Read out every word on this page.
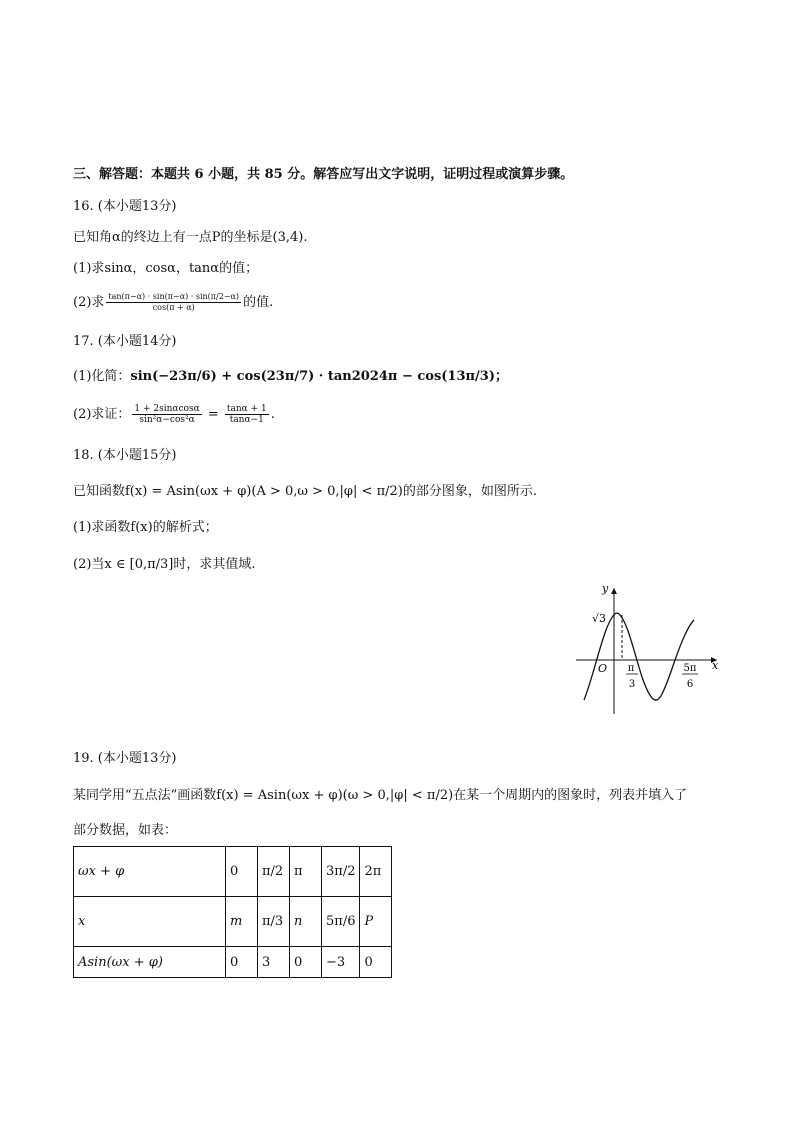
三、解答题：本题共 6 小题，共 85 分。解答应写出文字说明，证明过程或演算步骤。
16. (本小题13分)
已知角α的终边上有一点P的坐标是(3,4).
(1)求sinα，cosα，tanα的值；
(2)求 $\frac{\tan(\pi-\alpha) \cdot \sin(\pi-\alpha) \cdot \sin(\pi/2-\alpha)}{\cos(\pi + \alpha)}$ 的值.
17. (本小题14分)
(1)化简：sin(−23π/6) + cos(23π/7) · tan2024π − cos(13π/3)；
(2)求证： $\frac{1 + 2\sin\alpha\cos\alpha}{\text{sin²α−cos²α}} = \frac{\tan\alpha + 1}{\tan\alpha-1}$ .
18. (本小题15分)
已知函数f(x) = Asin(ωx + φ)(A > 0,ω > 0,|φ| < π/2)的部分图象，如图所示.
(1)求函数f(x)的解析式；
(2)当x ∈ [0,π/3]时，求其值域.
y
x
O
√3
π
3
5π
6
19. (本小题13分)
某同学用“五点法”画函数f(x) = Asin(ωx + φ)(ω > 0,|φ| < π/2)在某一个周期内的图象时，列表并填入了
部分数据，如表：
ωx + φ	0	π/2	π	3π/2	2π
x	m	π/3	n	5π/6	P
Asin(ωx + φ)	0	3	0	−3	0
